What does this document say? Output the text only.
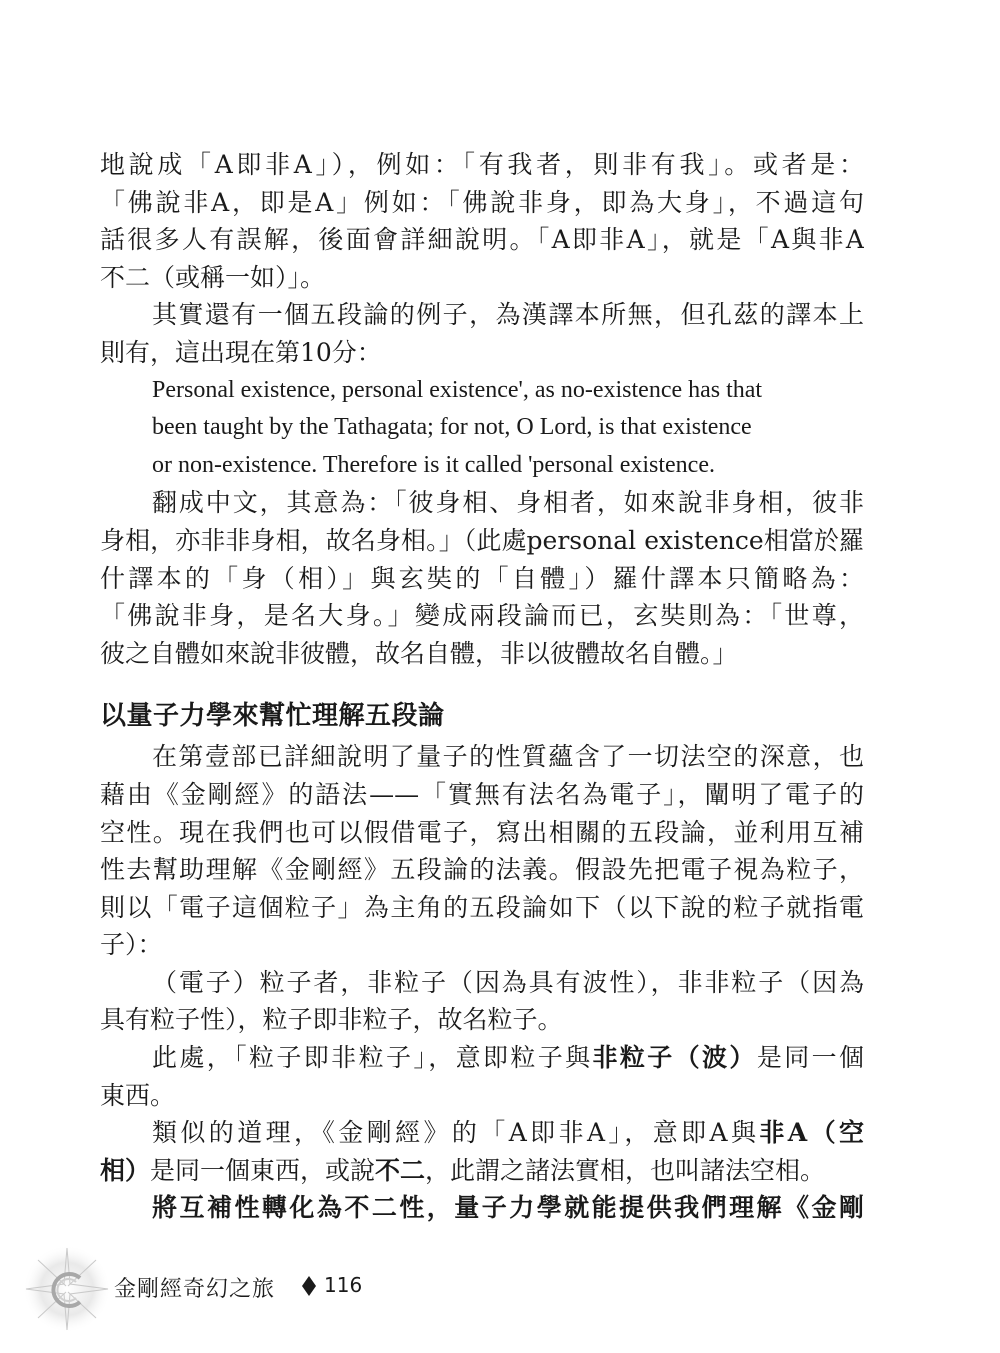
地說成「A即非A」），例如：「有我者，則非有我」。或者是：
「佛說非A，即是A」例如：「佛說非身，即為大身」，不過這句
話很多人有誤解，後面會詳細說明。「A即非A」，就是「A與非A
不二（或稱一如）」。
其實還有一個五段論的例子，為漢譯本所無，但孔茲的譯本上
則有，這出現在第10分：
Personal existence, personal existence', as no-existence has that
been taught by the Tathagata; for not, O Lord, is that existence
or non-existence. Therefore is it called 'personal existence.
翻成中文，其意為：「彼身相、身相者，如來說非身相，彼非
身相，亦非非身相，故名身相。」（此處personal existence相當於羅
什譯本的「身（相）」與玄奘的「自體」）羅什譯本只簡略為：
「佛說非身，是名大身。」變成兩段論而已，玄奘則為：「世尊，
彼之自體如來說非彼體，故名自體，非以彼體故名自體。」
以量子力學來幫忙理解五段論
在第壹部已詳細說明了量子的性質蘊含了一切法空的深意，也
藉由《金剛經》的語法——「實無有法名為電子」，闡明了電子的
空性。現在我們也可以假借電子，寫出相關的五段論，並利用互補
性去幫助理解《金剛經》五段論的法義。假設先把電子視為粒子，
則以「電子這個粒子」為主角的五段論如下（以下說的粒子就指電
子）：
（電子）粒子者，非粒子（因為具有波性），非非粒子（因為
具有粒子性），粒子即非粒子，故名粒子。
此處，「粒子即非粒子」，意即粒子與非粒子（波）是同一個
東西。
類似的道理，《金剛經》的「A即非A」，意即A與非A（空
相）是同一個東西，或說不二，此謂之諸法實相，也叫諸法空相。
將互補性轉化為不二性，量子力學就能提供我們理解《金剛
金剛經奇幻之旅 116
